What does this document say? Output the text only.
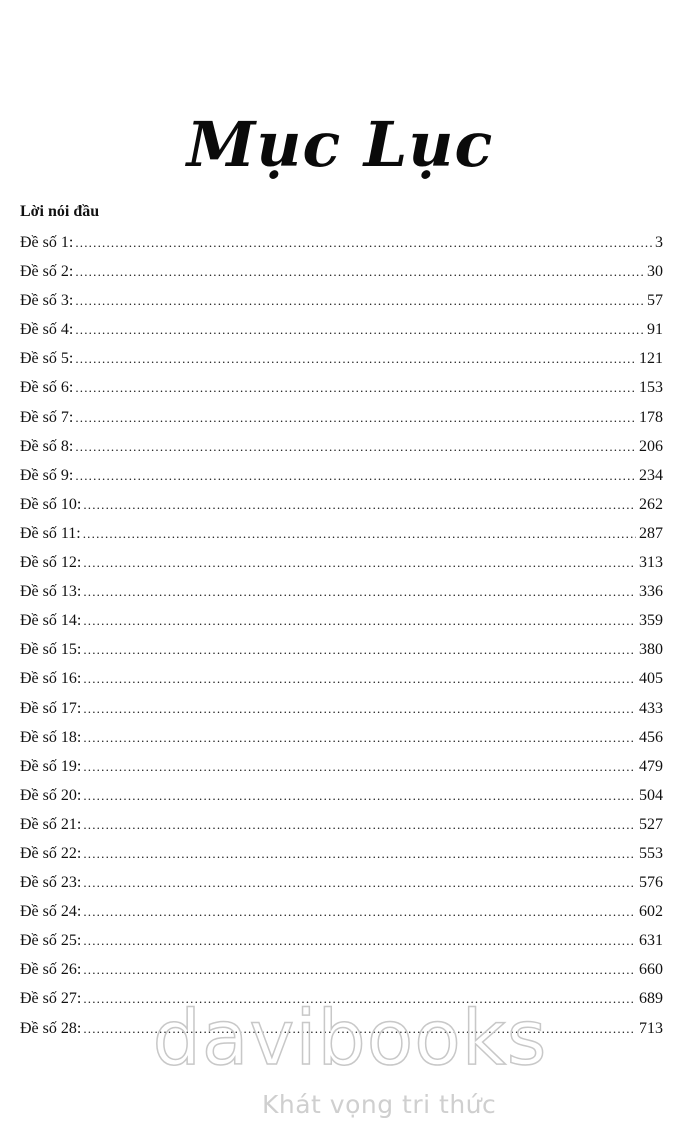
Mục Lục
Lời nói đầu
Đề số 1: .....	3
Đề số 2: .....	30
Đề số 3: .....	57
Đề số 4: .....	91
Đề số 5: .....	121
Đề số 6: .....	153
Đề số 7: .....	178
Đề số 8: .....	206
Đề số 9: .....	234
Đề số 10: .....	262
Đề số 11: .....	287
Đề số 12: .....	313
Đề số 13: .....	336
Đề số 14: .....	359
Đề số 15: .....	380
Đề số 16: .....	405
Đề số 17: .....	433
Đề số 18: .....	456
Đề số 19: .....	479
Đề số 20: .....	504
Đề số 21: .....	527
Đề số 22: .....	553
Đề số 23: .....	576
Đề số 24: .....	602
Đề số 25: .....	631
Đề số 26: .....	660
Đề số 27: .....	689
Đề số 28: .....	713
davibooks
Khát vọng tri thức
